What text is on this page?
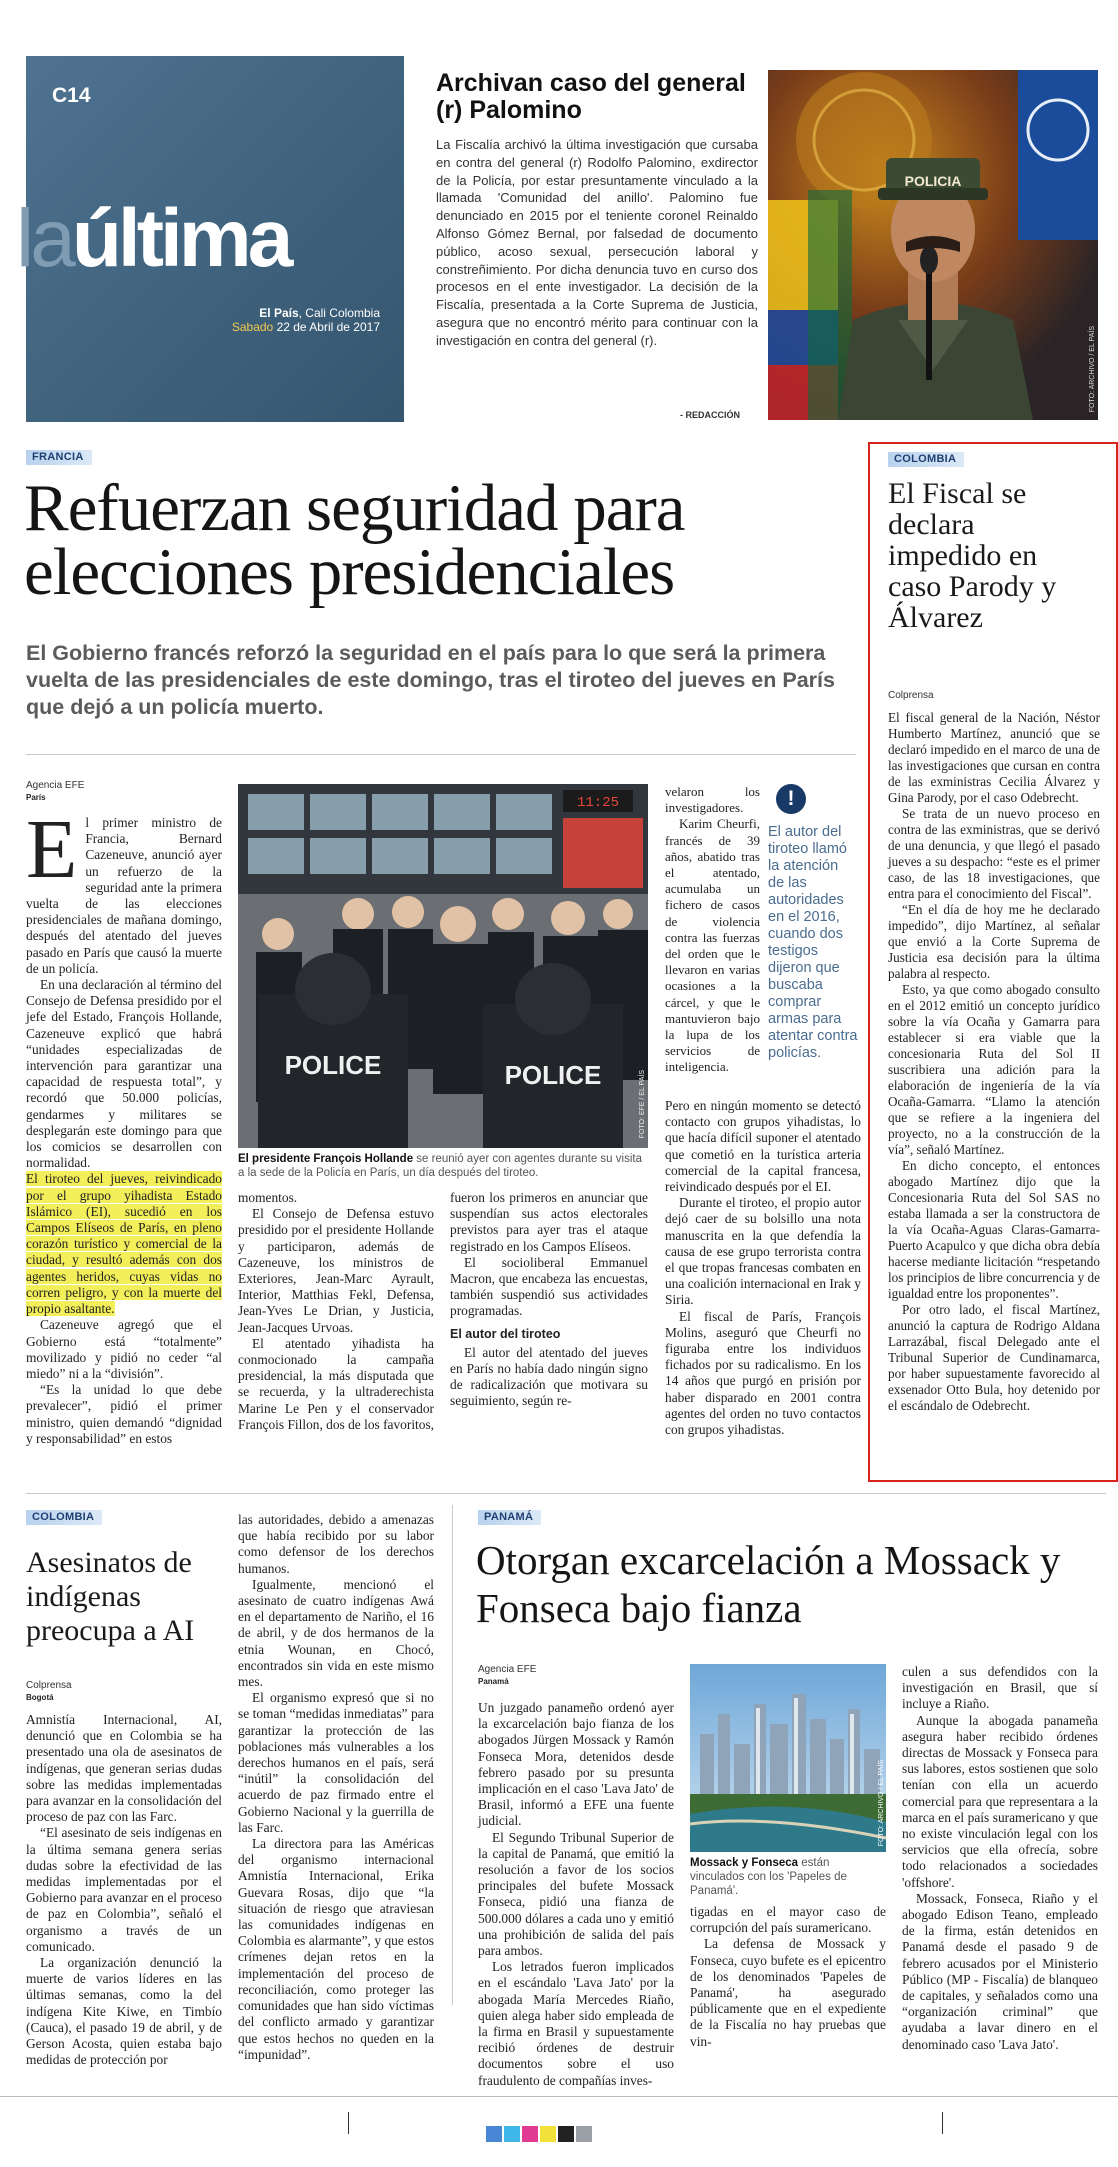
C14
laúltima
El País, Cali Colombia
Sabado 22 de Abril de 2017
Archivan caso del general (r) Palomino
La Fiscalía archivó la última investigación que cursaba en contra del general (r) Rodolfo Palomino, exdirector de la Policía, por estar presuntamente vinculado a la llamada 'Comunidad del anillo'. Palomino fue denunciado en 2015 por el teniente coronel Reinaldo Alfonso Gómez Bernal, por falsedad de documento público, acoso sexual, persecución laboral y constreñimiento. Por dicha denuncia tuvo en curso dos procesos en el ente investigador. La decisión de la Fiscalía, presentada a la Corte Suprema de Justicia, asegura que no encontró mérito para continuar con la investigación en contra del general (r).
- REDACCIÓN
POLICIA
FOTO: ARCHIVO / EL PAÍS
FRANCIA
Refuerzan seguridad para elecciones presidenciales
El Gobierno francés reforzó la seguridad en el país para lo que será la primera vuelta de las presidenciales de este domingo, tras el tiroteo del jueves en París que dejó a un policía muerto.
Agencia EFE
París
E l primer ministro de Francia, Bernard Cazeneuve, anunció ayer un refuerzo de la seguridad ante la primera vuelta de las elecciones presidenciales de mañana domingo, después del atentado del jueves pasado en París que causó la muerte de un policía.

En una declaración al término del Consejo de Defensa presidido por el jefe del Estado, François Hollande, Cazeneuve explicó que habrá “unidades especializadas de intervención para garantizar una capacidad de respuesta total”, y recordó que 50.000 policías, gendarmes y militares se desplegarán este domingo para que los comicios se desarrollen con normalidad.

El tiroteo del jueves, reivindicado por el grupo yihadista Estado Islámico (EI), sucedió en los Campos Elíseos de París, en pleno corazón turístico y comercial de la ciudad, y resultó además con dos agentes heridos, cuyas vidas no corren peligro, y con la muerte del propio asaltante.

Cazeneuve agregó que el Gobierno está “totalmente” movilizado y pidió no ceder “al miedo” ni a la “división”.

“Es la unidad lo que debe prevalecer”, pidió el primer ministro, quien demandó “dignidad y responsabilidad” en estos

11:25
POLICE	POLICE	FOTO: EFE / EL PAÍS
El presidente François Hollande se reunió ayer con agentes durante su visita a la sede de la Policía en París, un día después del tiroteo.

momentos.

El Consejo de Defensa estuvo presidido por el presidente Hollande y participaron, además de Cazeneuve, los ministros de Exteriores, Jean-Marc Ayrault, Interior, Matthias Fekl, Defensa, Jean-Yves Le Drian, y Justicia, Jean-Jacques Urvoas.

El atentado yihadista ha conmocionado la campaña presidencial, la más disputada que se recuerda, y la ultraderechista Marine Le Pen y el conservador François Fillon, dos de los favoritos,

fueron los primeros en anunciar que suspendían sus actos electorales previstos para ayer tras el ataque registrado en los Campos Elíseos.

El socioliberal Emmanuel Macron, que encabeza las encuestas, también suspendió sus actividades programadas.

El autor del tiroteo

El autor del atentado del jueves en París no había dado ningún signo de radicalización que motivara su seguimiento, según re-

velaron los investigadores.

Karim Cheurfi, francés de 39 años, abatido tras el atentado, acumulaba un fichero de casos de violencia contra las fuerzas del orden que le llevaron en varias ocasiones a la cárcel, y que le mantuvieron bajo la lupa de los servicios de inteligencia.

!
El autor del tiroteo llamó la atención de las autoridades en el 2016, cuando dos testigos dijeron que buscaba comprar armas para atentar contra policías.

Pero en ningún momento se detectó contacto con grupos yihadistas, lo que hacía difícil suponer el atentado que cometió en la turística arteria comercial de la capital francesa, reivindicado después por el EI.

Durante el tiroteo, el propio autor dejó caer de su bolsillo una nota manuscrita en la que defendía la causa de ese grupo terrorista contra el que tropas francesas combaten en una coalición internacional en Irak y Siria.

El fiscal de París, François Molins, aseguró que Cheurfi no figuraba entre los individuos fichados por su radicalismo. En los 14 años que purgó en prisión por haber disparado en 2001 contra agentes del orden no tuvo contactos con grupos yihadistas.

COLOMBIA
El Fiscal se declara impedido en caso Parody y Álvarez
Colprensa

El fiscal general de la Nación, Néstor Humberto Martínez, anunció que se declaró impedido en el marco de una de las investigaciones que cursan en contra de las exministras Cecilia Álvarez y Gina Parody, por el caso Odebrecht.

Se trata de un nuevo proceso en contra de las exministras, que se derivó de una denuncia, y que llegó el pasado jueves a su despacho: “este es el primer caso, de las 18 investigaciones, que entra para el conocimiento del Fiscal”.

“En el día de hoy me he declarado impedido”, dijo Martínez, al señalar que envió a la Corte Suprema de Justicia esa decisión para la última palabra al respecto.

Esto, ya que como abogado consulto en el 2012 emitió un concepto jurídico sobre la vía Ocaña y Gamarra para establecer si era viable que la concesionaria Ruta del Sol II suscribiera una adición para la elaboración de ingeniería de la vía Ocaña-Gamarra. “Llamo la atención que se refiere a la ingeniera del proyecto, no a la construcción de la vía”, señaló Martínez.

En dicho concepto, el entonces abogado Martínez dijo que la Concesionaria Ruta del Sol SAS no estaba llamada a ser la constructora de la vía Ocaña-Aguas Claras-Gamarra-Puerto Acapulco y que dicha obra debía hacerse mediante licitación “respetando los principios de libre concurrencia y de igualdad entre los proponentes”.

Por otro lado, el fiscal Martínez, anunció la captura de Rodrigo Aldana Larrazábal, fiscal Delegado ante el Tribunal Superior de Cundinamarca, por haber supuestamente favorecido al exsenador Otto Bula, hoy detenido por el escándalo de Odebrecht.

COLOMBIA
Asesinatos de indígenas preocupa a AI
Colprensa
Bogotá

Amnistía Internacional, AI, denunció que en Colombia se ha presentado una ola de asesinatos de indígenas, que generan serias dudas sobre las medidas implementadas para avanzar en la consolidación del proceso de paz con las Farc.

“El asesinato de seis indígenas en la última semana genera serias dudas sobre la efectividad de las medidas implementadas por el Gobierno para avanzar en el proceso de paz en Colombia”, señaló el organismo a través de un comunicado.

La organización denunció la muerte de varios líderes en las últimas semanas, como la del indígena Kite Kiwe, en Timbío (Cauca), el pasado 19 de abril, y de Gerson Acosta, quien estaba bajo medidas de protección por

las autoridades, debido a amenazas que había recibido por su labor como defensor de los derechos humanos.

Igualmente, mencionó el asesinato de cuatro indígenas Awá en el departamento de Nariño, el 16 de abril, y de dos hermanos de la etnia Wounan, en Chocó, encontrados sin vida en este mismo mes.

El organismo expresó que si no se toman “medidas inmediatas” para garantizar la protección de las poblaciones más vulnerables a los derechos humanos en el país, será “inútil” la consolidación del acuerdo de paz firmado entre el Gobierno Nacional y la guerrilla de las Farc.

La directora para las Américas del organismo internacional Amnistía Internacional, Erika Guevara Rosas, dijo que “la situación de riesgo que atraviesan las comunidades indígenas en Colombia es alarmante”, y que estos crímenes dejan retos en la implementación del proceso de reconciliación, como proteger las comunidades que han sido víctimas del conflicto armado y garantizar que estos hechos no queden en la “impunidad”.

PANAMÁ
Otorgan excarcelación a Mossack y Fonseca bajo fianza
Agencia EFE
Panamá

Un juzgado panameño ordenó ayer la excarcelación bajo fianza de los abogados Jürgen Mossack y Ramón Fonseca Mora, detenidos desde febrero pasado por su presunta implicación en el caso 'Lava Jato' de Brasil, informó a EFE una fuente judicial.

El Segundo Tribunal Superior de la capital de Panamá, que emitió la resolución a favor de los socios principales del bufete Mossack Fonseca, pidió una fianza de 500.000 dólares a cada uno y emitió una prohibición de salida del país para ambos.

Los letrados fueron implicados en el escándalo 'Lava Jato' por la abogada María Mercedes Riaño, quien alega haber sido empleada de la firma en Brasil y supuestamente recibió órdenes de destruir documentos sobre el uso fraudulento de compañías inves-

FOTO: ARCHIVO / EL PAÍS
Mossack y Fonseca están vinculados con los 'Papeles de Panamá'.

tigadas en el mayor caso de corrupción del país suramericano.

La defensa de Mossack y Fonseca, cuyo bufete es el epicentro de los denominados 'Papeles de Panamá', ha asegurado públicamente que en el expediente de la Fiscalía no hay pruebas que vin-

culen a sus defendidos con la investigación en Brasil, que sí incluye a Riaño.

Aunque la abogada panameña asegura haber recibido órdenes directas de Mossack y Fonseca para sus labores, estos sostienen que solo tenían con ella un acuerdo comercial para que representara a la marca en el país suramericano y que no existe vinculación legal con los servicios que ella ofrecía, sobre todo relacionados a sociedades 'offshore'.

Mossack, Fonseca, Riaño y el abogado Edison Teano, empleado de la firma, están detenidos en Panamá desde el pasado 9 de febrero acusados por el Ministerio Público (MP - Fiscalía) de blanqueo de capitales, y señalados como una “organización criminal” que ayudaba a lavar dinero en el denominado caso 'Lava Jato'.
